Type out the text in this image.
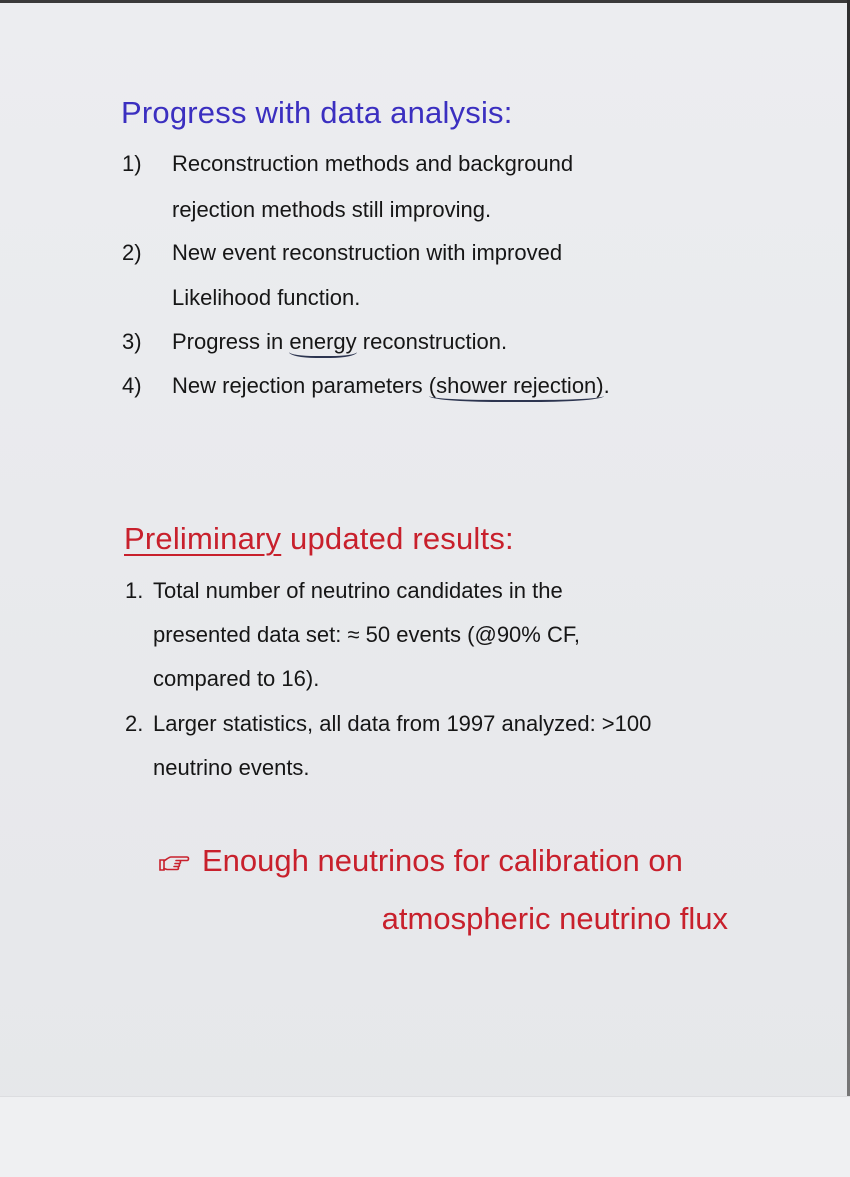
Progress with data analysis:
1) Reconstruction methods and background
rejection methods still improving.
2) New event reconstruction with improved
Likelihood function.
3) Progress in energy reconstruction.
4) New rejection parameters (shower rejection).
Preliminary updated results:
1. Total number of neutrino candidates in the
presented data set: ≈ 50 events (@90% CF,
compared to 16).
2. Larger statistics, all data from 1997 analyzed: >100
neutrino events.
Enough neutrinos for calibration on
atmospheric neutrino flux
